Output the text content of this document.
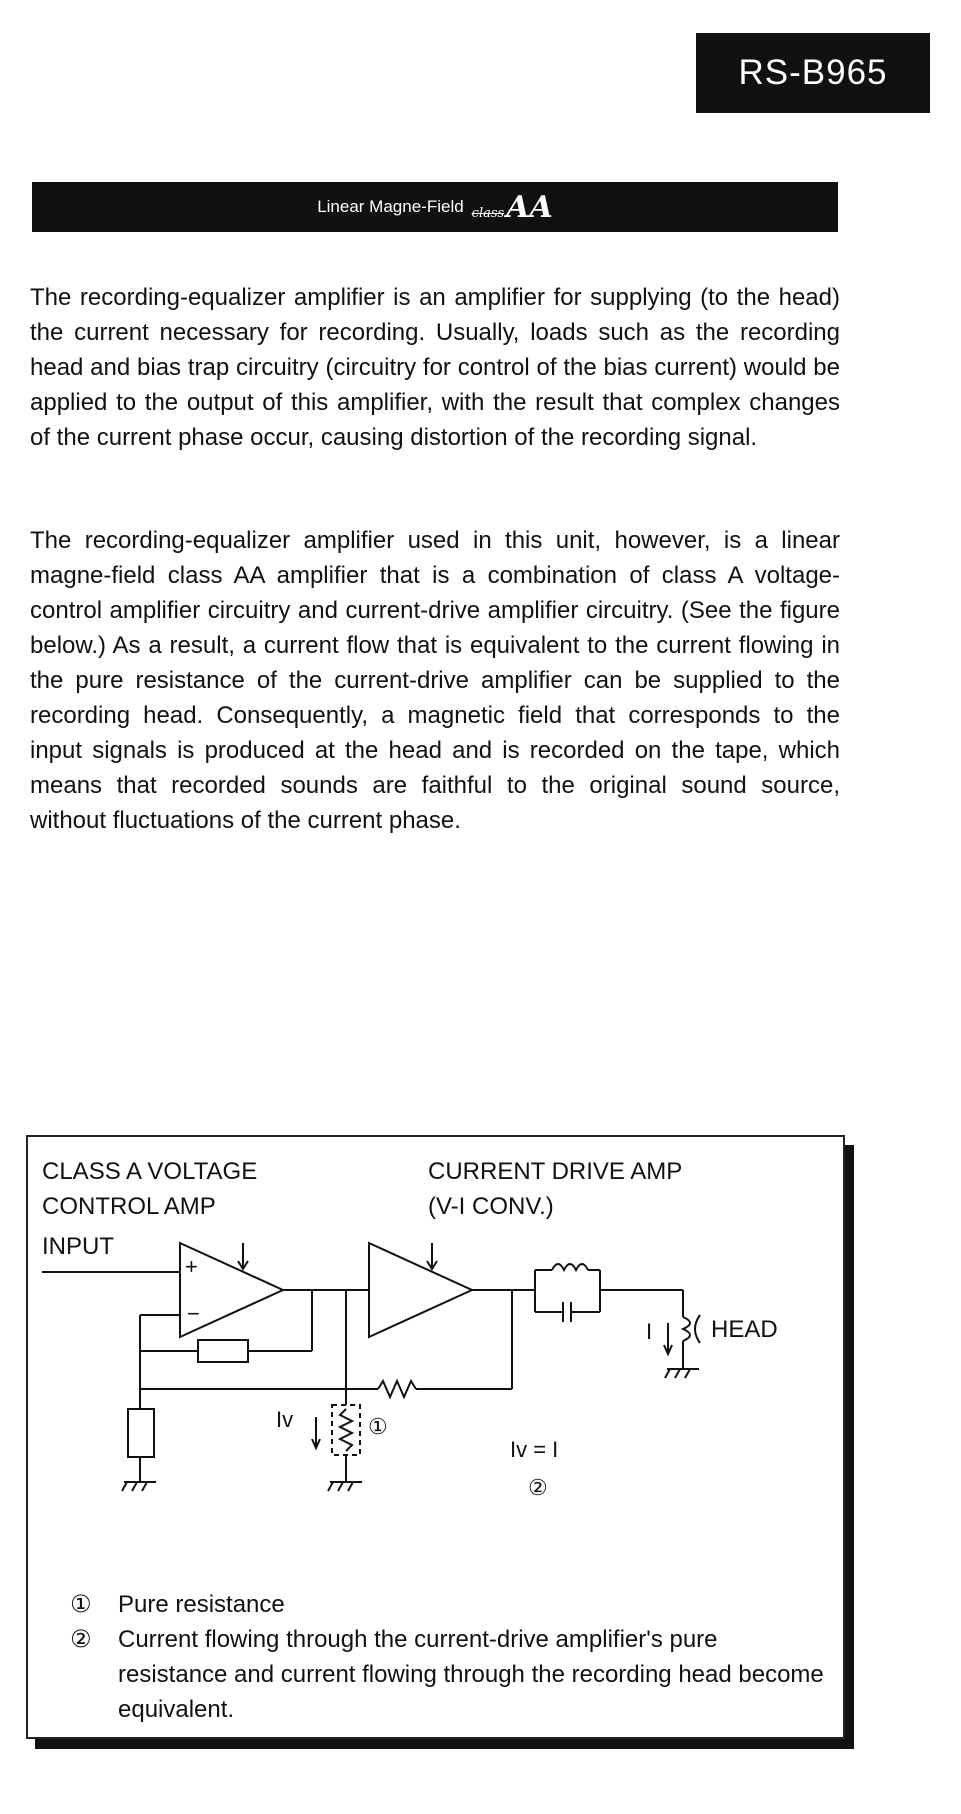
RS-B965
Linear Magne-Field class AA

The recording-equalizer amplifier is an amplifier for supplying (to the head) the current necessary for recording. Usually, loads such as the recording head and bias trap circuitry (circuitry for control of the bias current) would be applied to the output of this amplifier, with the result that complex changes of the current phase occur, causing distortion of the recording signal.

The recording-equalizer amplifier used in this unit, however, is a linear magne-field class AA amplifier that is a combination of class A voltage-control amplifier circuitry and current-drive amplifier circuitry. (See the figure below.) As a result, a current flow that is equivalent to the current flowing in the pure resistance of the current-drive amplifier can be supplied to the recording head. Consequently, a magnetic field that corresponds to the input signals is produced at the head and is recorded on the tape, which means that recorded sounds are faithful to the original sound source, without fluctuations of the current phase.

CLASS A VOLTAGE
CONTROL AMP
CURRENT DRIVE AMP
(V-I CONV.)
INPUT
+
−
Iv	①
HEAD
I
Iv = I
②
①	Pure resistance
②	Current flowing through the current-drive amplifier's pure resistance and current flowing through the recording head become equivalent.
